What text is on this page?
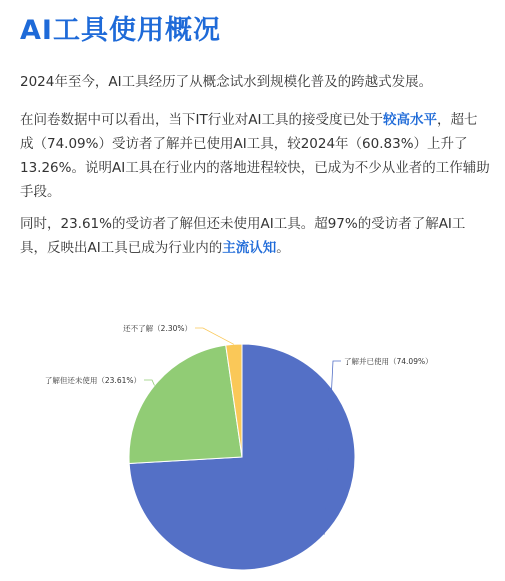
AI工具使用概况
2024年至今，AI工具经历了从概念试水到规模化普及的跨越式发展。
在问卷数据中可以看出，当下IT行业对AI工具的接受度已处于较高水平，超七成（74.09%）受访者了解并已使用AI工具，较2024年（60.83%）上升了13.26%。说明AI工具在行业内的落地进程较快，已成为不少从业者的工作辅助手段。
同时，23.61%的受访者了解但还未使用AI工具。超97%的受访者了解AI工具，反映出AI工具已成为行业内的主流认知。
了解并已使用（74.09%）
了解但还未使用（23.61%）
还不了解（2.30%）
